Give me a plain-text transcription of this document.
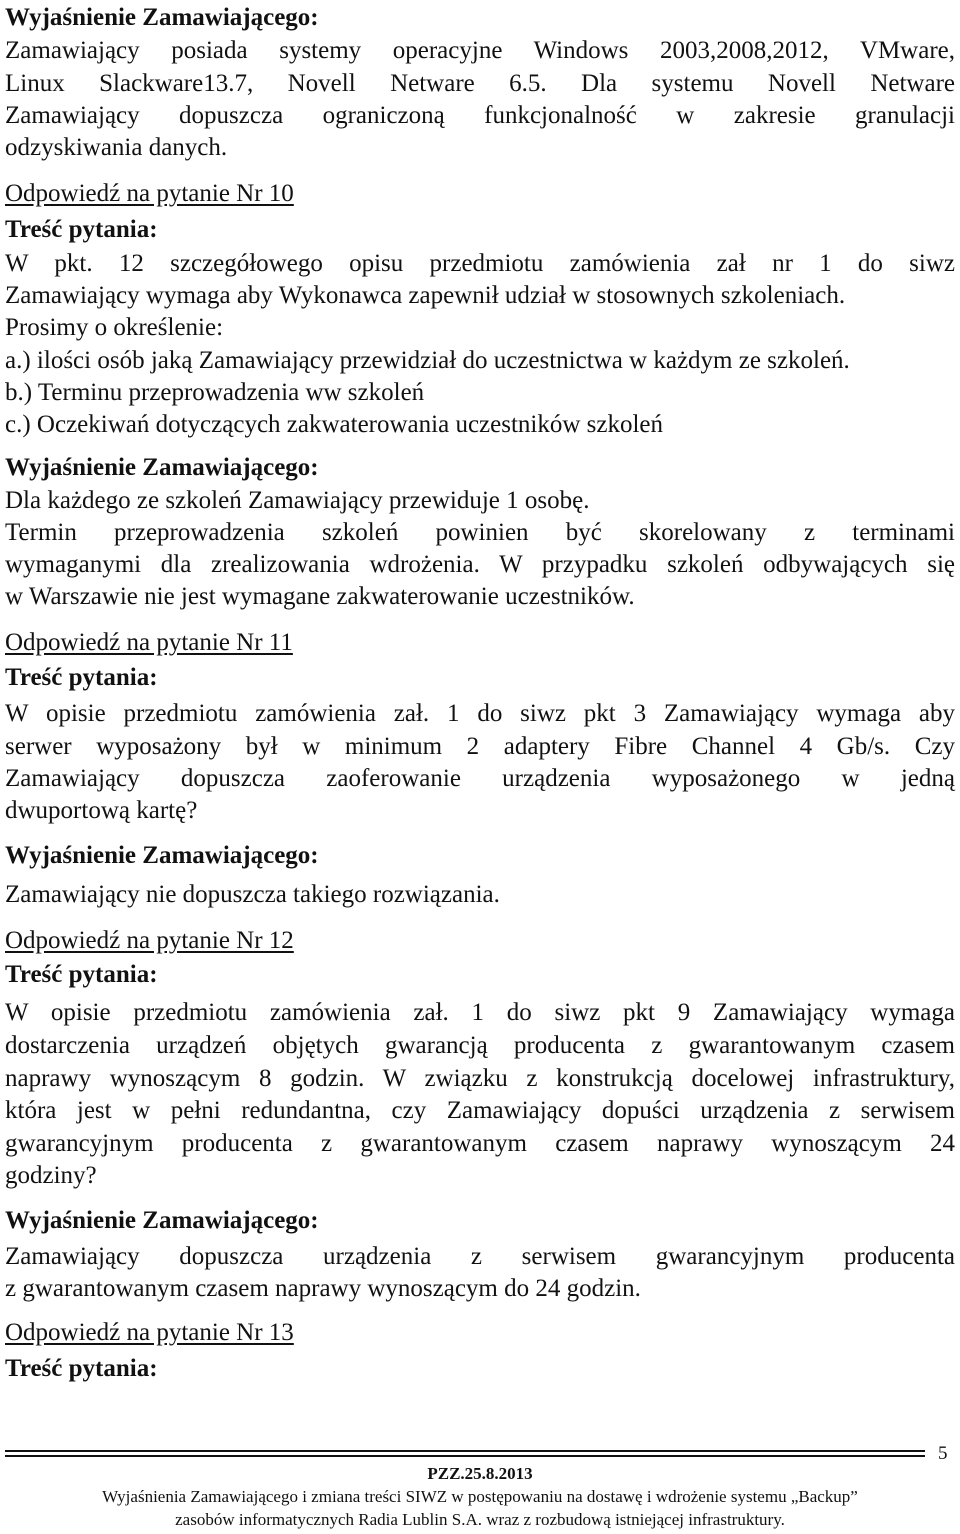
Wyjaśnienie Zamawiającego:
Zamawiający posiada systemy operacyjne Windows 2003,2008,2012, VMware,
Linux Slackware13.7, Novell Netware 6.5. Dla systemu Novell Netware
Zamawiający dopuszcza ograniczoną funkcjonalność w zakresie granulacji
odzyskiwania danych.
Odpowiedź na pytanie Nr 10
Treść pytania:
W pkt. 12 szczegółowego opisu przedmiotu zamówienia zał nr 1 do siwz
Zamawiający wymaga aby Wykonawca zapewnił udział w stosownych szkoleniach.
Prosimy o określenie:
a.) ilości osób jaką Zamawiający przewidział do uczestnictwa w każdym ze szkoleń.
b.) Terminu przeprowadzenia ww szkoleń
c.) Oczekiwań dotyczących zakwaterowania uczestników szkoleń
Wyjaśnienie Zamawiającego:
Dla każdego ze szkoleń Zamawiający przewiduje 1 osobę.
Termin przeprowadzenia szkoleń powinien być skorelowany z terminami
wymaganymi dla zrealizowania wdrożenia. W przypadku szkoleń odbywających się
w Warszawie nie jest wymagane zakwaterowanie uczestników.
Odpowiedź na pytanie Nr 11
Treść pytania:
W opisie przedmiotu zamówienia zał. 1 do siwz pkt 3 Zamawiający wymaga aby
serwer wyposażony był w minimum 2 adaptery Fibre Channel 4 Gb/s. Czy
Zamawiający dopuszcza zaoferowanie urządzenia wyposażonego w jedną
dwuportową kartę?
Wyjaśnienie Zamawiającego:
Zamawiający nie dopuszcza takiego rozwiązania.
Odpowiedź na pytanie Nr 12
Treść pytania:
W opisie przedmiotu zamówienia zał. 1 do siwz pkt 9 Zamawiający wymaga
dostarczenia urządzeń objętych gwarancją producenta z gwarantowanym czasem
naprawy wynoszącym 8 godzin. W związku z konstrukcją docelowej infrastruktury,
która jest w pełni redundantna, czy Zamawiający dopuści urządzenia z serwisem
gwarancyjnym producenta z gwarantowanym czasem naprawy wynoszącym 24
godziny?
Wyjaśnienie Zamawiającego:
Zamawiający dopuszcza urządzenia z serwisem gwarancyjnym producenta
z gwarantowanym czasem naprawy wynoszącym do 24 godzin.
Odpowiedź na pytanie Nr 13
Treść pytania:
5
PZZ.25.8.2013
Wyjaśnienia Zamawiającego i zmiana treści SIWZ w postępowaniu na dostawę i wdrożenie systemu „Backup”
zasobów informatycznych Radia Lublin S.A. wraz z rozbudową istniejącej infrastruktury.
